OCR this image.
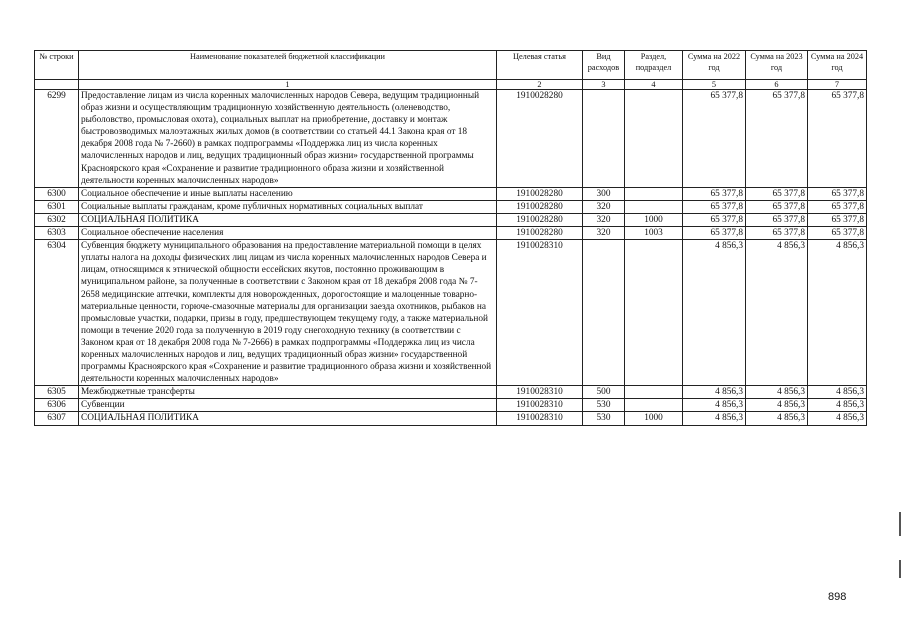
№ строки	Наименование показателей бюджетной классификации	Целевая статья	Вид расходов	Раздел, подраздел	Сумма на 2022 год	Сумма на 2023 год	Сумма на 2024 год
	1	2	3	4	5	6	7
6299	Предоставление лицам из числа коренных малочисленных народов Севера, ведущим традиционный образ жизни и осуществляющим традиционную хозяйственную деятельность (оленеводство, рыболовство, промысловая охота), социальных выплат на приобретение, доставку и монтаж быстровозводимых малоэтажных жилых домов (в соответствии со статьей 44.1 Закона края от 18 декабря 2008 года № 7-2660) в рамках подпрограммы «Поддержка лиц из числа коренных малочисленных народов и лиц, ведущих традиционный образ жизни» государственной программы Красноярского края «Сохранение и развитие традиционного образа жизни и хозяйственной деятельности коренных малочисленных народов»	1910028280			65 377,8	65 377,8	65 377,8
6300	Социальное обеспечение и иные выплаты населению	1910028280	300		65 377,8	65 377,8	65 377,8
6301	Социальные выплаты гражданам, кроме публичных нормативных социальных выплат	1910028280	320		65 377,8	65 377,8	65 377,8
6302	СОЦИАЛЬНАЯ ПОЛИТИКА	1910028280	320	1000	65 377,8	65 377,8	65 377,8
6303	Социальное обеспечение населения	1910028280	320	1003	65 377,8	65 377,8	65 377,8
6304	Субвенция бюджету муниципального образования на предоставление материальной помощи в целях уплаты налога на доходы физических лиц лицам из числа коренных малочисленных народов Севера и лицам, относящимся к этнической общности ессейских якутов, постоянно проживающим в муниципальном районе, за полученные в соответствии с Законом края от 18 декабря 2008 года № 7-2658 медицинские аптечки, комплекты для новорожденных, дорогостоящие и малоценные товарно-материальные ценности, горюче-смазочные материалы для организации заезда охотников, рыбаков на промысловые участки, подарки, призы в году, предшествующем текущему году, а также материальной помощи в течение 2020 года за полученную в 2019 году снегоходную технику (в соответствии с Законом края от 18 декабря 2008 года № 7-2666) в рамках подпрограммы «Поддержка лиц из числа коренных малочисленных народов и лиц, ведущих традиционный образ жизни» государственной программы Красноярского края «Сохранение и развитие традиционного образа жизни и хозяйственной деятельности коренных малочисленных народов»	1910028310			4 856,3	4 856,3	4 856,3
6305	Межбюджетные трансферты	1910028310	500		4 856,3	4 856,3	4 856,3
6306	Субвенции	1910028310	530		4 856,3	4 856,3	4 856,3
6307	СОЦИАЛЬНАЯ ПОЛИТИКА	1910028310	530	1000	4 856,3	4 856,3	4 856,3
898
